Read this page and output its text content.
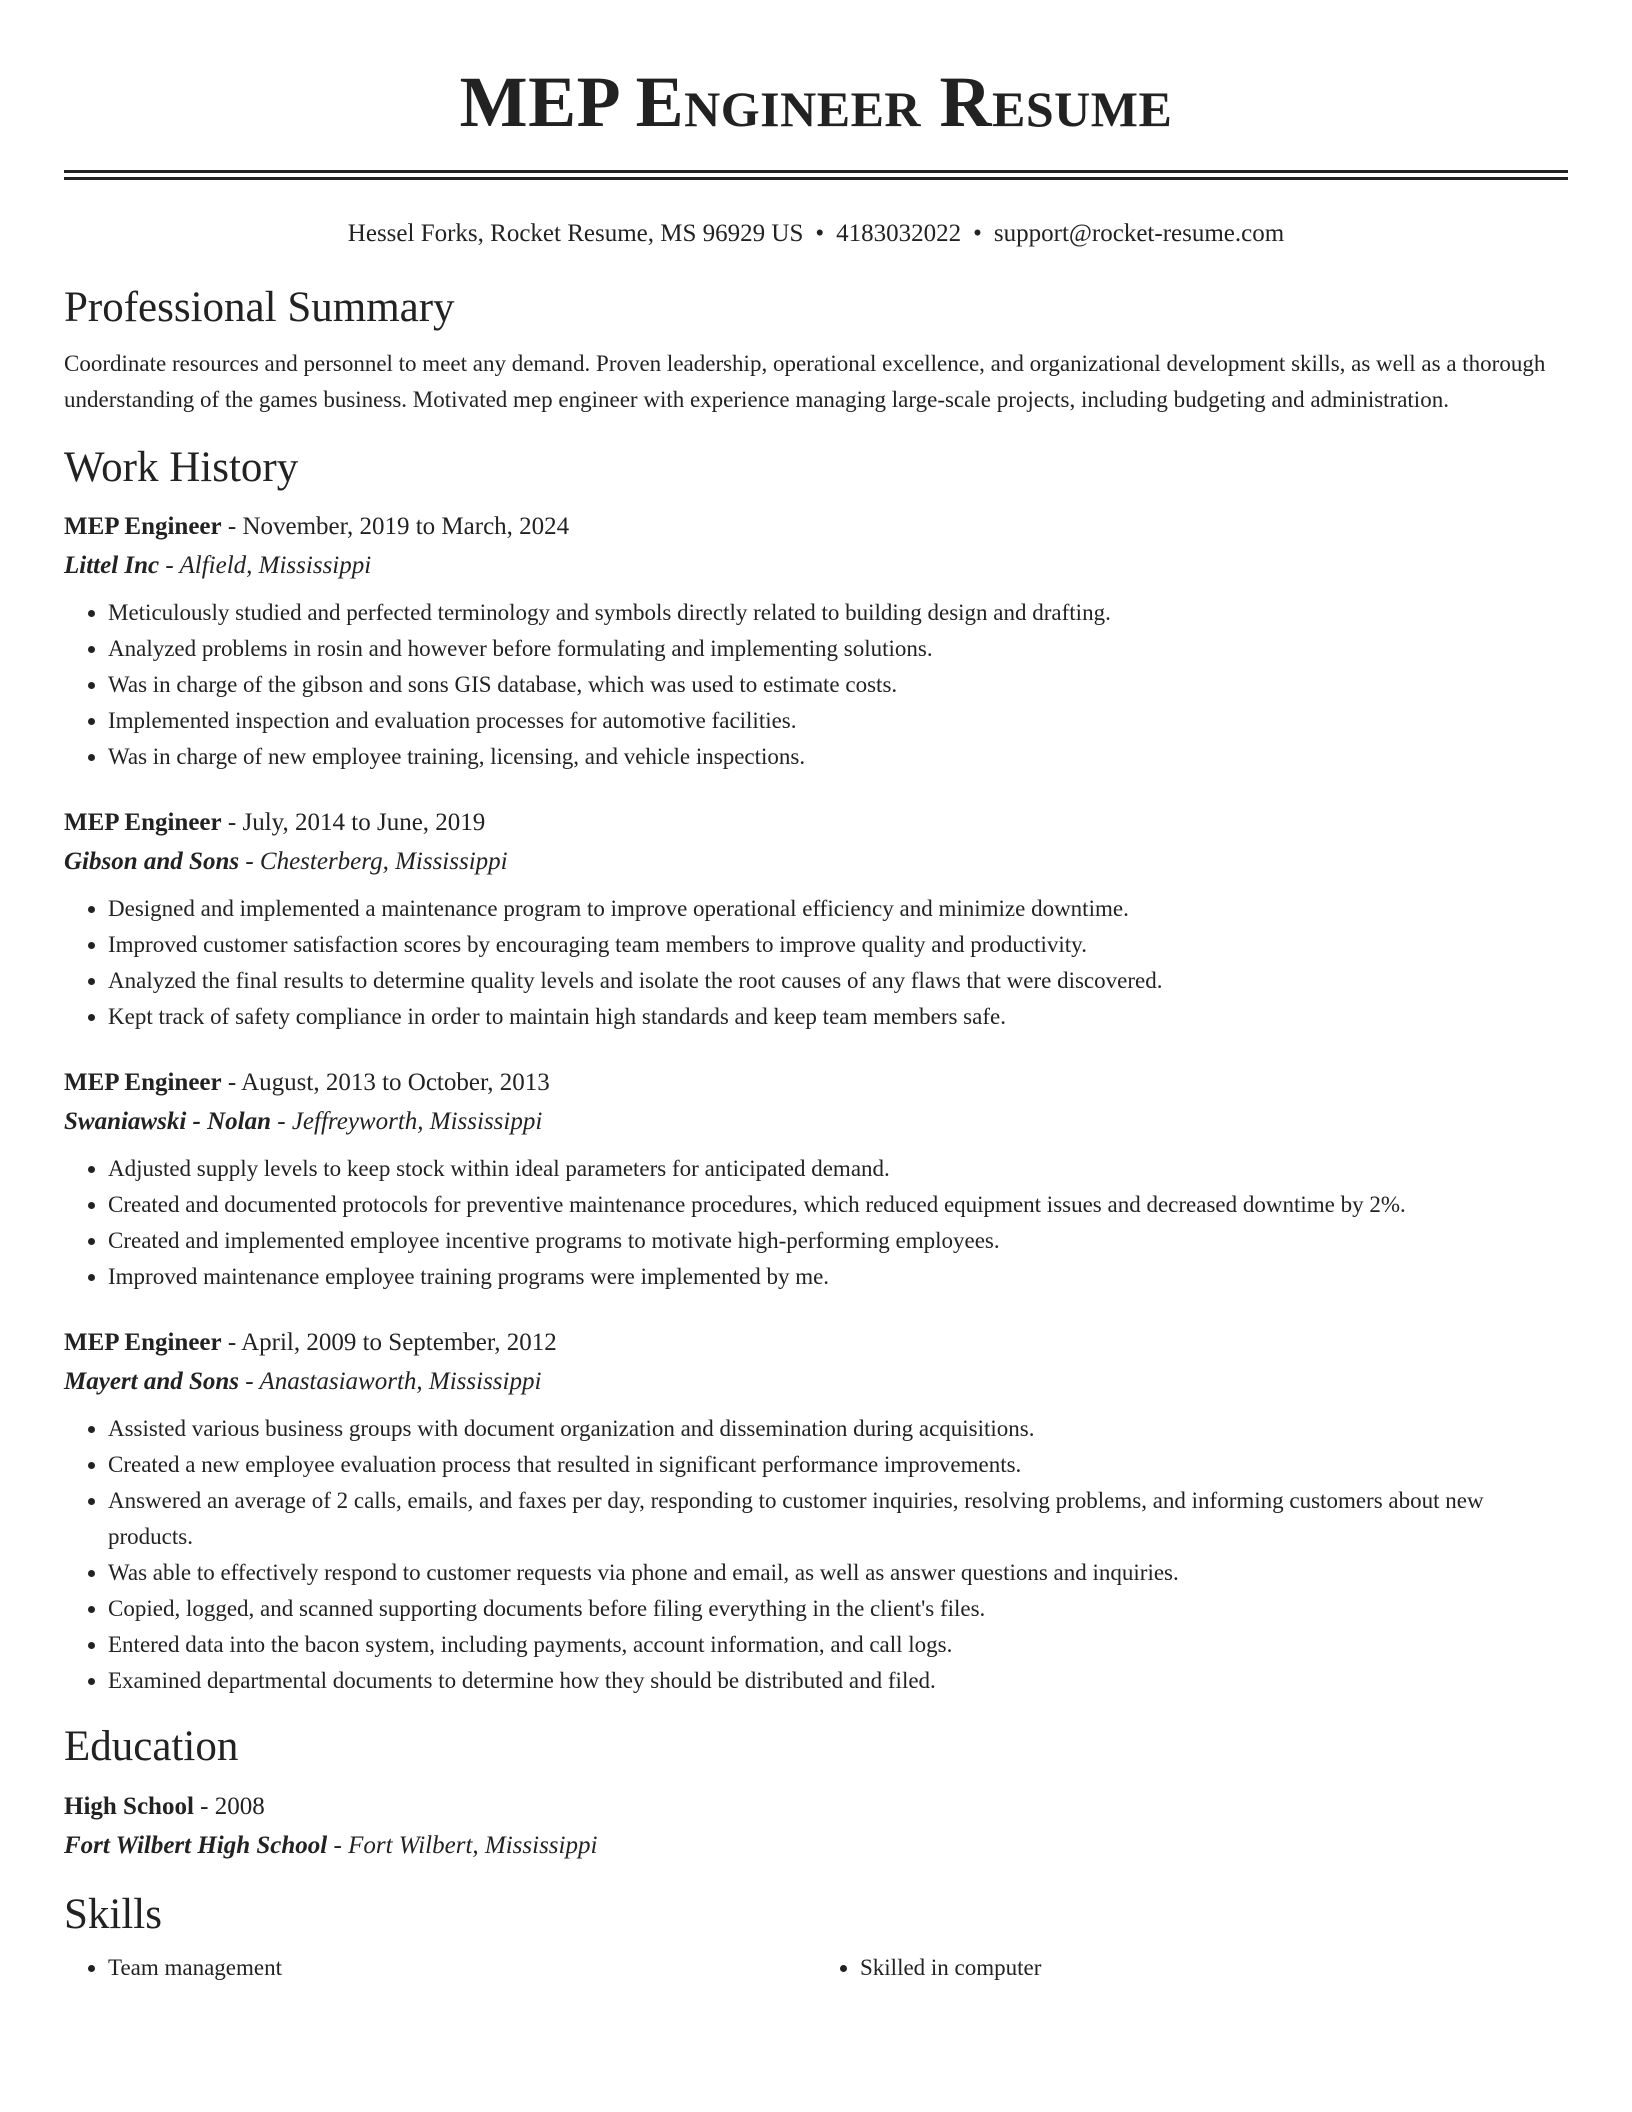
MEP Engineer Resume
Hessel Forks, Rocket Resume, MS 96929 US • 4183032022 • support@rocket-resume.com
Professional Summary

Coordinate resources and personnel to meet any demand. Proven leadership, operational excellence, and organizational development skills, as well as a thorough understanding of the games business. Motivated mep engineer with experience managing large-scale projects, including budgeting and administration.

Work History
MEP Engineer - November, 2019 to March, 2024
Littel Inc - Alfield, Mississippi
• Meticulously studied and perfected terminology and symbols directly related to building design and drafting.
• Analyzed problems in rosin and however before formulating and implementing solutions.
• Was in charge of the gibson and sons GIS database, which was used to estimate costs.
• Implemented inspection and evaluation processes for automotive facilities.
• Was in charge of new employee training, licensing, and vehicle inspections.
MEP Engineer - July, 2014 to June, 2019
Gibson and Sons - Chesterberg, Mississippi
• Designed and implemented a maintenance program to improve operational efficiency and minimize downtime.
• Improved customer satisfaction scores by encouraging team members to improve quality and productivity.
• Analyzed the final results to determine quality levels and isolate the root causes of any flaws that were discovered.
• Kept track of safety compliance in order to maintain high standards and keep team members safe.
MEP Engineer - August, 2013 to October, 2013
Swaniawski - Nolan - Jeffreyworth, Mississippi
• Adjusted supply levels to keep stock within ideal parameters for anticipated demand.
• Created and documented protocols for preventive maintenance procedures, which reduced equipment issues and decreased downtime by 2%.
• Created and implemented employee incentive programs to motivate high-performing employees.
• Improved maintenance employee training programs were implemented by me.
MEP Engineer - April, 2009 to September, 2012
Mayert and Sons - Anastasiaworth, Mississippi
• Assisted various business groups with document organization and dissemination during acquisitions.
• Created a new employee evaluation process that resulted in significant performance improvements.
• Answered an average of 2 calls, emails, and faxes per day, responding to customer inquiries, resolving problems, and informing customers about new products.
• Was able to effectively respond to customer requests via phone and email, as well as answer questions and inquiries.
• Copied, logged, and scanned supporting documents before filing everything in the client's files.
• Entered data into the bacon system, including payments, account information, and call logs.
• Examined departmental documents to determine how they should be distributed and filed.
Education
High School - 2008
Fort Wilbert High School - Fort Wilbert, Mississippi
Skills
• Team management
•	Skilled in computer
